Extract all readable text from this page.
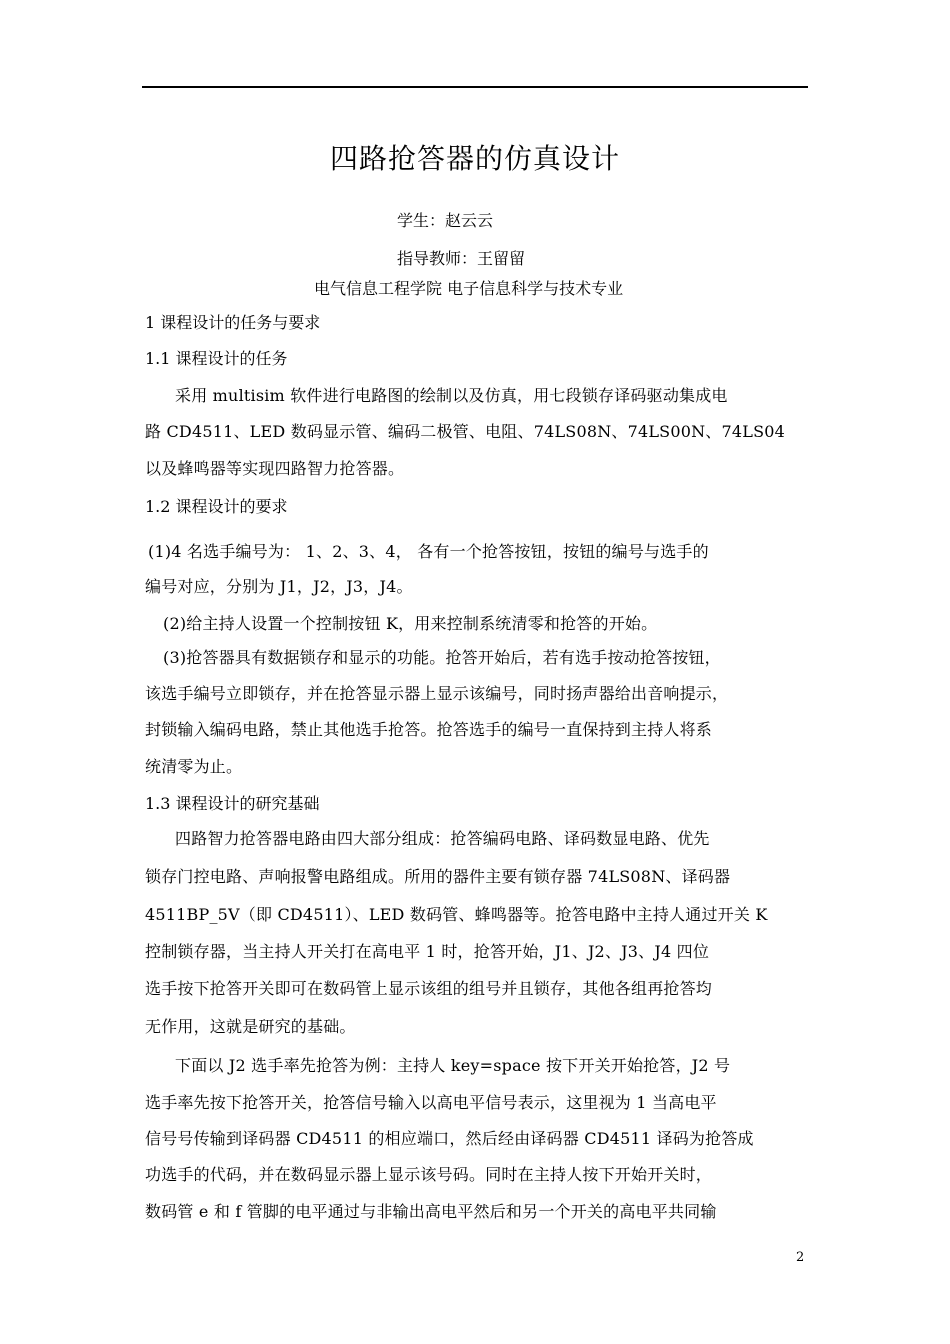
四路抢答器的仿真设计
学生：赵云云
指导教师：王留留
电气信息工程学院 电子信息科学与技术专业
1 课程设计的任务与要求
1.1 课程设计的任务
采用 multisim 软件进行电路图的绘制以及仿真，用七段锁存译码驱动集成电
路 CD4511、LED 数码显示管、编码二极管、电阻、74LS08N、74LS00N、74LS04
以及蜂鸣器等实现四路智力抢答器。
1.2 课程设计的要求
(1)4 名选手编号为： 1、2、3、4， 各有一个抢答按钮，按钮的编号与选手的
编号对应，分别为 J1，J2，J3，J4。
(2)给主持人设置一个控制按钮 K，用来控制系统清零和抢答的开始。
(3)抢答器具有数据锁存和显示的功能。抢答开始后，若有选手按动抢答按钮，
该选手编号立即锁存，并在抢答显示器上显示该编号，同时扬声器给出音响提示，
封锁输入编码电路，禁止其他选手抢答。抢答选手的编号一直保持到主持人将系
统清零为止。
1.3 课程设计的研究基础
四路智力抢答器电路由四大部分组成：抢答编码电路、译码数显电路、优先
锁存门控电路、声响报警电路组成。所用的器件主要有锁存器 74LS08N、译码器
4511BP_5V（即 CD4511）、LED 数码管、蜂鸣器等。抢答电路中主持人通过开关 K
控制锁存器，当主持人开关打在高电平 1 时，抢答开始，J1、J2、J3、J4 四位
选手按下抢答开关即可在数码管上显示该组的组号并且锁存，其他各组再抢答均
无作用，这就是研究的基础。
下面以 J2 选手率先抢答为例：主持人 key=space 按下开关开始抢答，J2 号
选手率先按下抢答开关，抢答信号输入以高电平信号表示，这里视为 1 当高电平
信号号传输到译码器 CD4511 的相应端口，然后经由译码器 CD4511 译码为抢答成
功选手的代码，并在数码显示器上显示该号码。同时在主持人按下开始开关时，
数码管 e 和 f 管脚的电平通过与非输出高电平然后和另一个开关的高电平共同输
2
